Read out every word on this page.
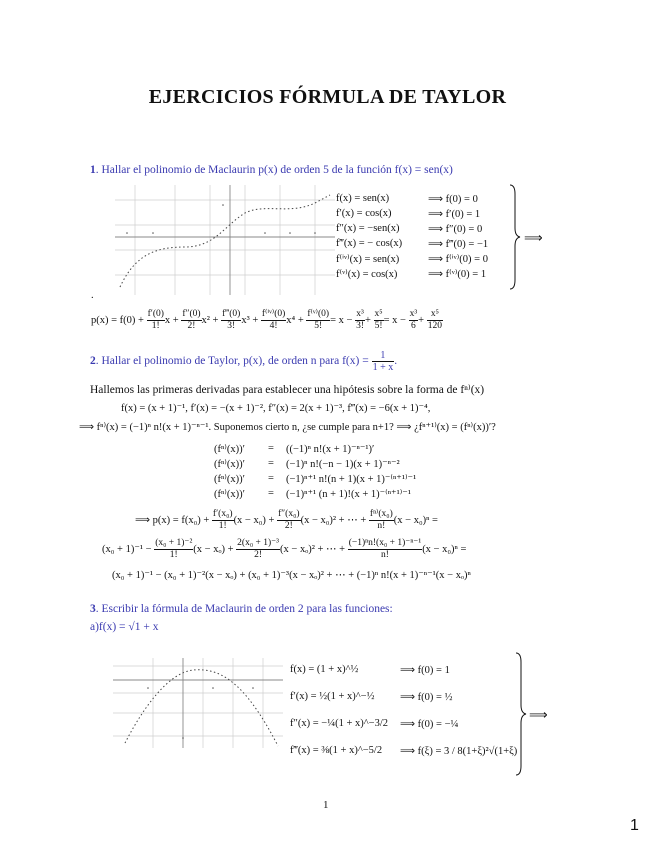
EJERCICIOS FÓRMULA DE TAYLOR
1. Hallar el polinomio de Maclaurin p(x) de orden 5 de la función f(x) = sen(x)
f(x) = sen(x)	⟹ f(0) = 0
f′(x) = cos(x)	⟹ f′(0) = 1
f″(x) = −sen(x)	⟹ f″(0) = 0
f‴(x) = − cos(x) ⟹ f‴(0) = −1
f⁽ⁱᵛ⁾(x) = sen(x)	⟹ f⁽ⁱᵛ⁾(0) = 0
f⁽ᵛ⁾(x) = cos(x)	⟹ f⁽ᵛ⁾(0) = 1
⟹
.
$p(x) = f(0) + \frac{f'(0)}{1!}$ $x + \frac{f''(0)}{2!} x^2 + \frac{f‴(0)}{3!} x^3 + \frac{\text{f⁽ⁱᵛ⁾(0)}}{4!} x^4 + \frac{\text{f⁽ᵛ⁾(0)}}{5!} = x - \frac{\text{x³}}{3!} + \frac{\text{x⁵}}{5!} = x - \frac{\text{x³}}{6} + \frac{\text{x⁵}}{120}$
2. Hallar el polinomio de Taylor, p(x), de orden n para $f(x) = \frac{1}{1 + x}$ .
Hallemos las primeras derivadas para establecer una hipótesis sobre la forma de fⁿ⁾(x)
f(x) = (x + 1)⁻¹, f′(x) = −(x + 1)⁻², f″(x) = 2(x + 1)⁻³, f‴(x) = −6(x + 1)⁻⁴,
⟹ fⁿ⁾(x) = (−1)ⁿ n!(x + 1)⁻ⁿ⁻¹. Suponemos cierto n, ¿se cumple para n+1? ⟹ ¿fⁿ⁺¹⁾(x) = (fⁿ⁾(x))′?
(fⁿ⁾(x))′ = ((−1)ⁿ n!(x + 1)⁻ⁿ⁻¹)′
(fⁿ⁾(x))′ = (−1)ⁿ n!(−n − 1)(x + 1)⁻ⁿ⁻²
(fⁿ⁾(x))′ = (−1)ⁿ⁺¹ n!(n + 1)(x + 1)⁻⁽ⁿ⁺¹⁾⁻¹
(fⁿ⁾(x))′ = (−1)ⁿ⁺¹ (n + 1)!(x + 1)⁻⁽ⁿ⁺¹⁾⁻¹
⟹ $p(x) = f(x_0) + \frac{\text{f′(x₀)}}{1!} (x - x_0) + \frac{\text{f″(x₀)}}{2!} (x - x_0)^2$ + ⋯ + $\frac{\text{fⁿ⁾(x₀)}}{n!} (x - x_0)^n$ =
$(x_0 + 1)^{-1} - \frac{\text{(x₀ + 1)⁻²}}{1!} (x - x_o) + \frac{\text{2(x₀ + 1)⁻³}}{2!} (x - x_o)^2$ + ⋯ + $\frac{\text{(−1)ⁿn!(x₀ + 1)⁻ⁿ⁻¹}}{n!} (x - x_0)^n$ =
(x₀ + 1)⁻¹ − (x₀ + 1)⁻²(x − xₒ) + (x₀ + 1)⁻³(x − xₒ)² + ⋯ + (−1)ⁿ n!(x + 1)⁻ⁿ⁻¹(x − xₒ)ⁿ
3. Escribir la fórmula de Maclaurin de orden 2 para las funciones:
a)f(x) = √1 + x
f(x) = (1 + x)^½	⟹ f(0) = 1
f′(x) = ½(1 + x)^−½ ⟹ f(0) = ½
f″(x) = −¼(1 + x)^−3/2 ⟹ f(0) = −¼
f‴(x) = ⅜(1 + x)^−5/2 ⟹ f(ξ) = 3 / 8(1+ξ)²√(1+ξ)
⟹
1
1
